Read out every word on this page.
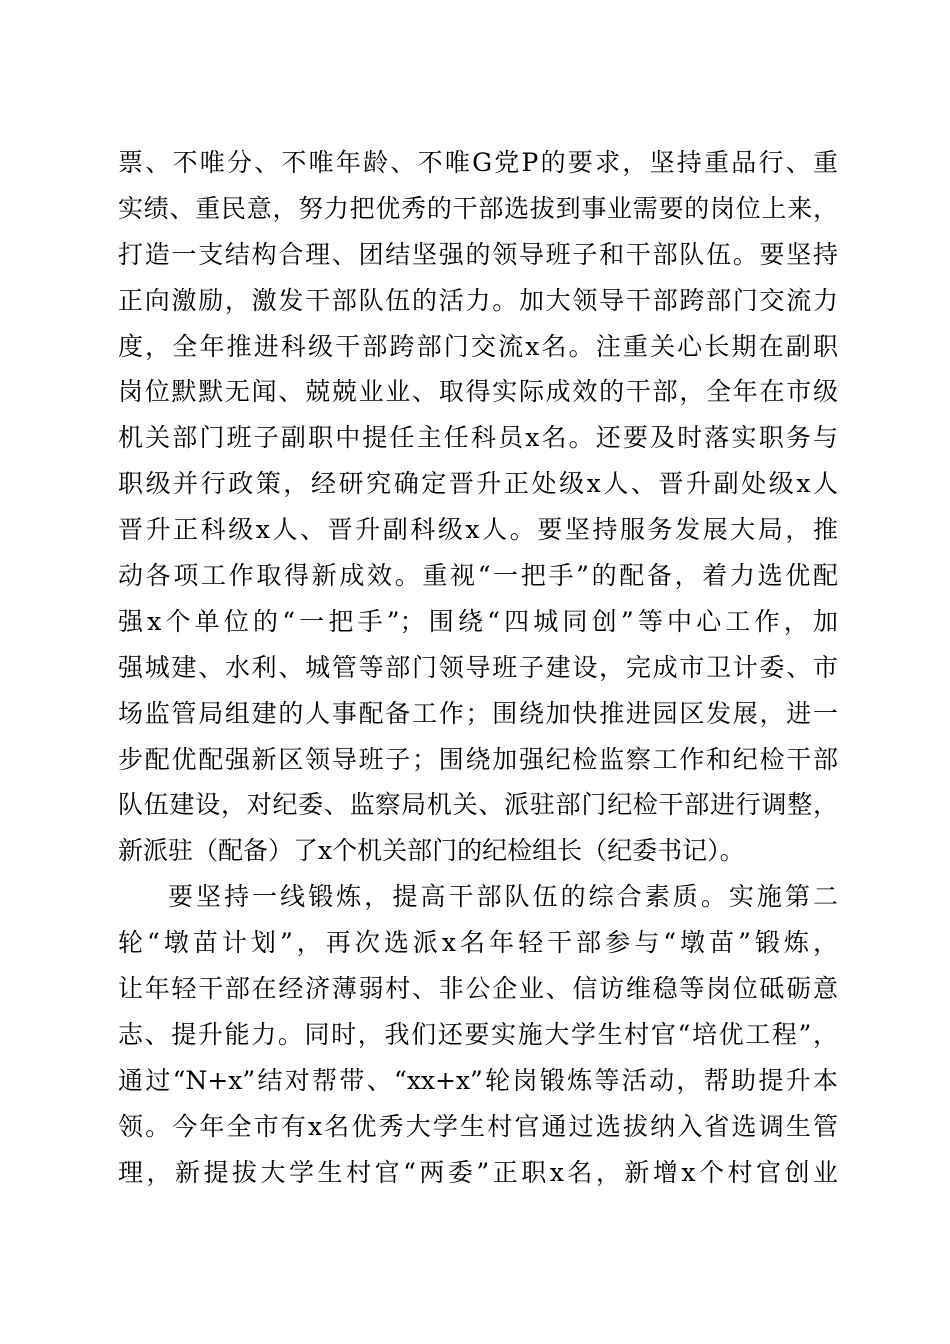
票、不唯分、不唯年龄、不唯G党P的要求，坚持重品行、重
实绩、重民意，努力把优秀的干部选拔到事业需要的岗位上来，
打造一支结构合理、团结坚强的领导班子和干部队伍。要坚持
正向激励，激发干部队伍的活力。加大领导干部跨部门交流力
度，全年推进科级干部跨部门交流x名。注重关心长期在副职
岗位默默无闻、兢兢业业、取得实际成效的干部，全年在市级
机关部门班子副职中提任主任科员x名。还要及时落实职务与
职级并行政策，经研究确定晋升正处级x人、晋升副处级x人
晋升正科级x人、晋升副科级x人。要坚持服务发展大局，推
动各项工作取得新成效。重视“一把手”的配备，着力选优配
强x个单位的“一把手”；围绕“四城同创”等中心工作，加
强城建、水利、城管等部门领导班子建设，完成市卫计委、市
场监管局组建的人事配备工作；围绕加快推进园区发展，进一
步配优配强新区领导班子；围绕加强纪检监察工作和纪检干部
队伍建设，对纪委、监察局机关、派驻部门纪检干部进行调整，
新派驻（配备）了x个机关部门的纪检组长（纪委书记）。
要坚持一线锻炼，提高干部队伍的综合素质。实施第二
轮“墩苗计划”，再次选派x名年轻干部参与“墩苗”锻炼，
让年轻干部在经济薄弱村、非公企业、信访维稳等岗位砥砺意
志、提升能力。同时，我们还要实施大学生村官“培优工程”，
通过“N+x”结对帮带、“xx+x”轮岗锻炼等活动，帮助提升本
领。今年全市有x名优秀大学生村官通过选拔纳入省选调生管
理，新提拔大学生村官“两委”正职x名，新增x个村官创业
